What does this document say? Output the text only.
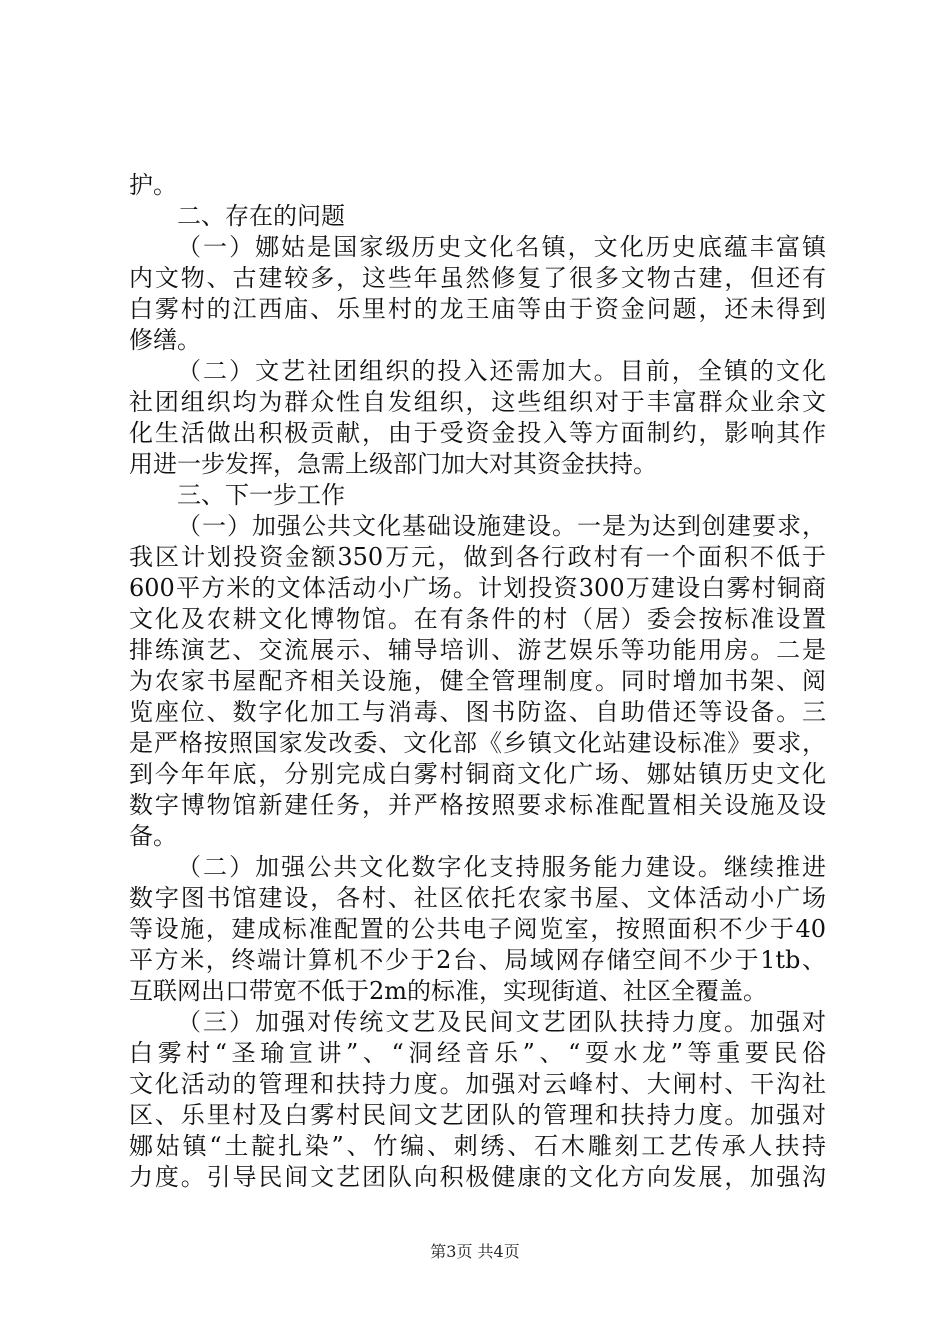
护。
二、存在的问题
（一）娜姑是国家级历史文化名镇，文化历史底蕴丰富镇
内文物、古建较多，这些年虽然修复了很多文物古建，但还有
白雾村的江西庙、乐里村的龙王庙等由于资金问题，还未得到
修缮。
（二）文艺社团组织的投入还需加大。目前，全镇的文化
社团组织均为群众性自发组织，这些组织对于丰富群众业余文
化生活做出积极贡献，由于受资金投入等方面制约，影响其作
用进一步发挥，急需上级部门加大对其资金扶持。
三、下一步工作
（一）加强公共文化基础设施建设。一是为达到创建要求，
我区计划投资金额350万元，做到各行政村有一个面积不低于
600平方米的文体活动小广场。计划投资300万建设白雾村铜商
文化及农耕文化博物馆。在有条件的村（居）委会按标准设置
排练演艺、交流展示、辅导培训、游艺娱乐等功能用房。二是
为农家书屋配齐相关设施，健全管理制度。同时增加书架、阅
览座位、数字化加工与消毒、图书防盗、自助借还等设备。三
是严格按照国家发改委、文化部《乡镇文化站建设标准》要求，
到今年年底，分别完成白雾村铜商文化广场、娜姑镇历史文化
数字博物馆新建任务，并严格按照要求标准配置相关设施及设
备。
（二）加强公共文化数字化支持服务能力建设。继续推进
数字图书馆建设，各村、社区依托农家书屋、文体活动小广场
等设施，建成标准配置的公共电子阅览室，按照面积不少于40
平方米，终端计算机不少于2台、局域网存储空间不少于1tb、
互联网出口带宽不低于2m的标准，实现街道、社区全覆盖。
（三）加强对传统文艺及民间文艺团队扶持力度。加强对
白雾村“圣瑜宣讲”、“洞经音乐”、“耍水龙”等重要民俗
文化活动的管理和扶持力度。加强对云峰村、大闸村、干沟社
区、乐里村及白雾村民间文艺团队的管理和扶持力度。加强对
娜姑镇“土靛扎染”、竹编、刺绣、石木雕刻工艺传承人扶持
力度。引导民间文艺团队向积极健康的文化方向发展，加强沟
第3页 共4页
